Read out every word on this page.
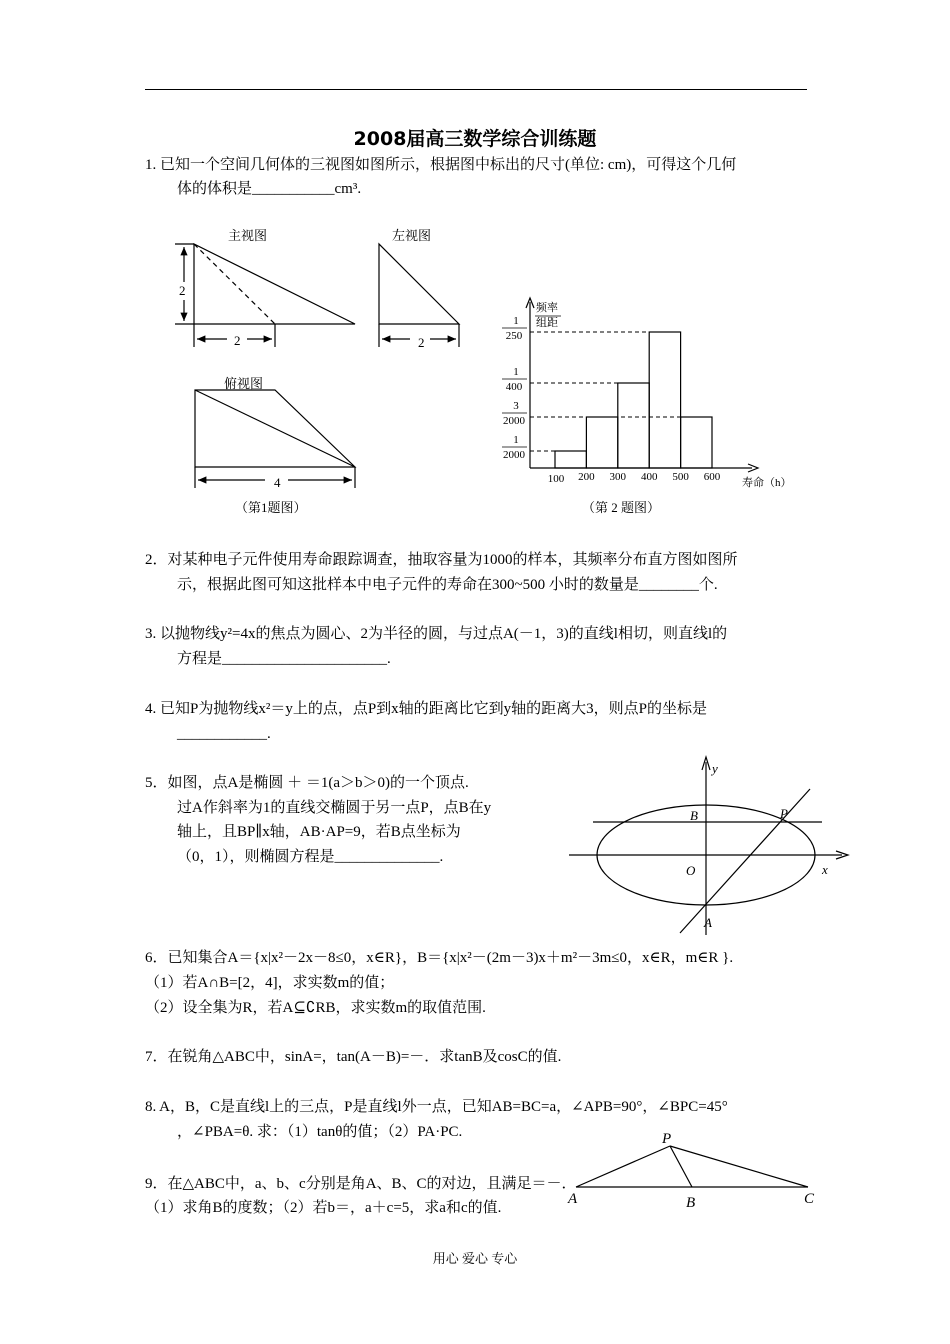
2008届高三数学综合训练题
1. 已知一个空间几何体的三视图如图所示，根据图中标出的尺寸(单位: cm)，可得这个几何
体的体积是___________cm³.
主视图	左视图
俯视图
2
2	2
4
（第1题图）
1
2000
3
2000
1
400
1
250
100 200 300 400 500 600
频率
组距
寿命（h）
（第 2 题图）
2．对某种电子元件使用寿命跟踪调查，抽取容量为1000的样本，其频率分布直方图如图所
示，根据此图可知这批样本中电子元件的寿命在300~500 小时的数量是________个.
3. 以抛物线y²=4x的焦点为圆心、2为半径的圆，与过点A(－1，3)的直线l相切，则直线l的
方程是______________________.
4. 已知P为抛物线x²＝y上的点，点P到x轴的距离比它到y轴的距离大3，则点P的坐标是
____________.
5．如图，点A是椭圆 ＋ ＝1(a＞b＞0)的一个顶点.
过A作斜率为1的直线交椭圆于另一点P，点B在y
轴上，且BP∥x轴，AB·AP=9，若B点坐标为
（0，1），则椭圆方程是______________.
y
x
B	P
O
A
6．已知集合A＝{x|x²－2x－8≤0，x∈R}，B＝{x|x²－(2m－3)x＋m²－3m≤0，x∈R，m∈R }.
（1）若A∩B=[2，4]，求实数m的值；
（2）设全集为R，若A⊆∁RB，求实数m的取值范围.
7．在锐角△ABC中，sinA=，tan(A－B)=－．求tanB及cosC的值.
8. A，B，C是直线l上的三点，P是直线l外一点，已知AB=BC=a，∠APB=90°，∠BPC=45°
，∠PBA=θ. 求：（1）tanθ的值；（2）PA·PC.	P
A	B	C
9．在△ABC中，a、b、c分别是角A、B、C的对边，且满足＝－．
（1）求角B的度数；（2）若b＝，a＋c=5，求a和c的值.
用心 爱心 专心
